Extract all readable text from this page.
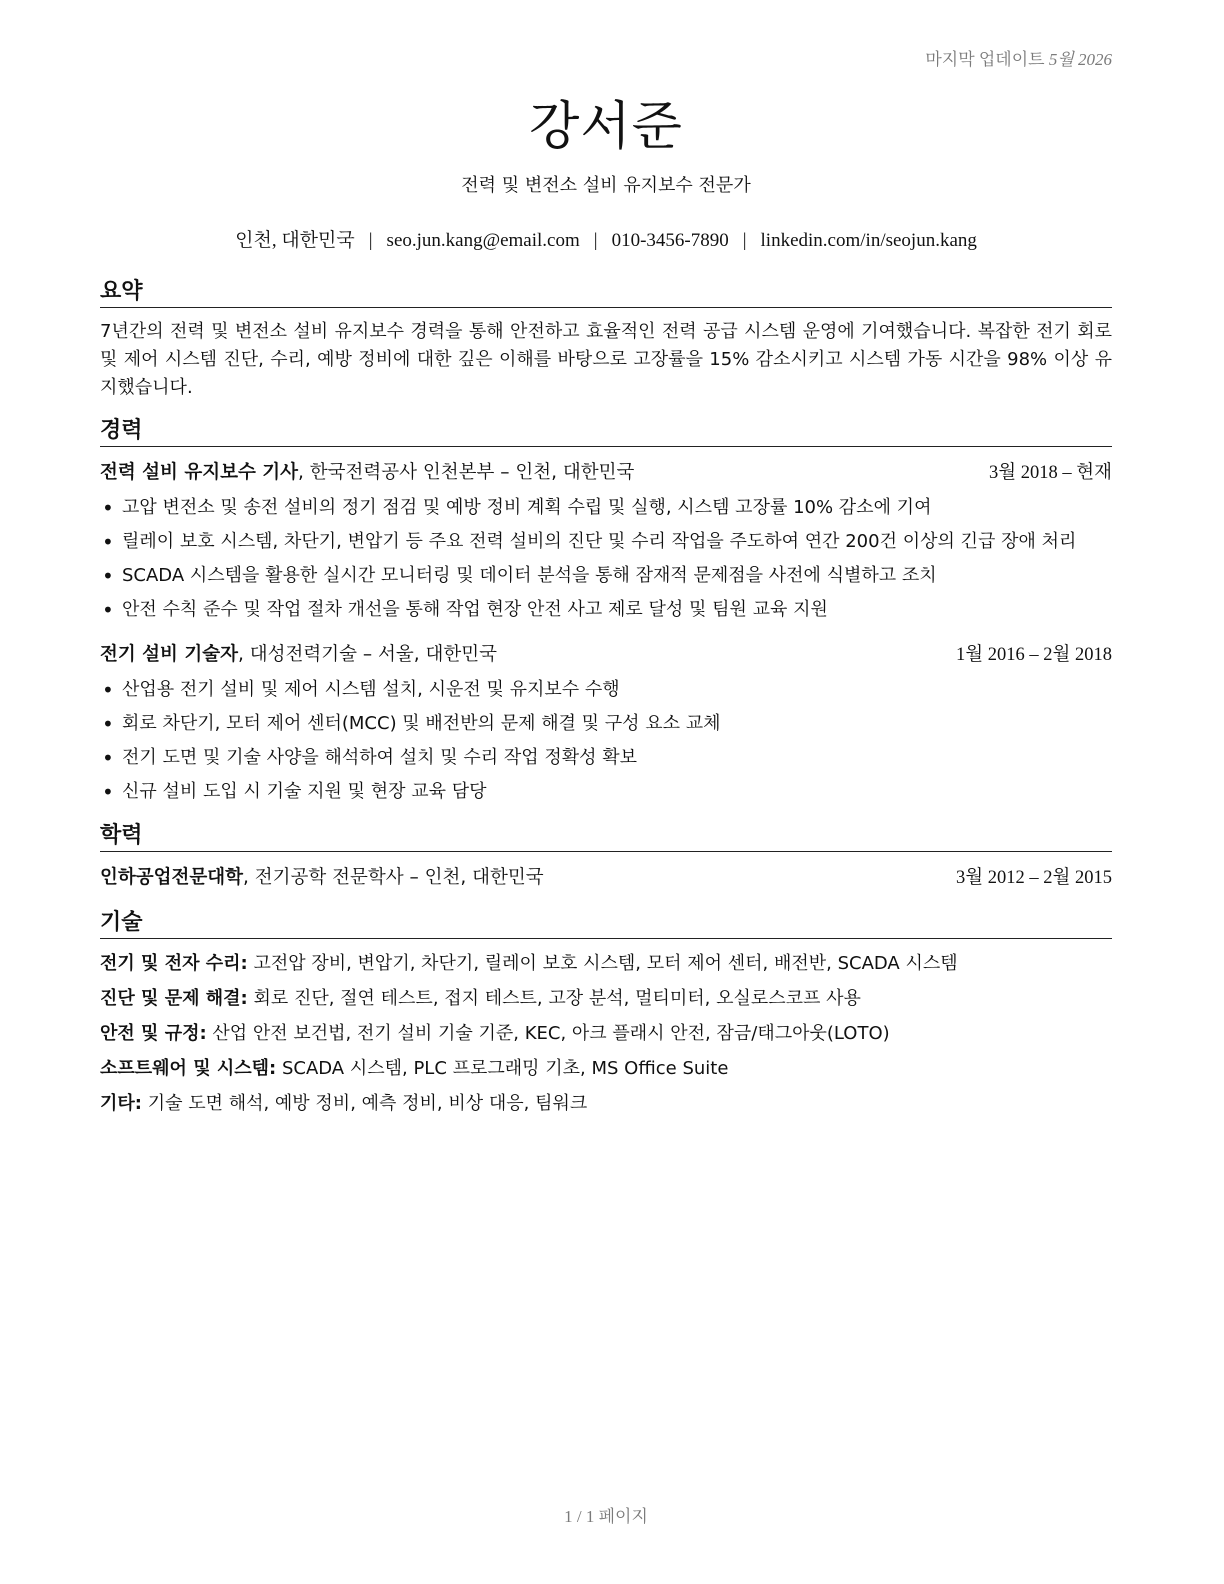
마지막 업데이트 5월 2026
강서준
전력 및 변전소 설비 유지보수 전문가
인천, 대한민국 | seo.jun.kang@email.com | 010-3456-7890 | linkedin.com/in/seojun.kang
요약

7년간의 전력 및 변전소 설비 유지보수 경력을 통해 안전하고 효율적인 전력 공급 시스템 운영에 기여했습니다. 복잡한 전기 회로 및 제어 시스템 진단, 수리, 예방 정비에 대한 깊은 이해를 바탕으로 고장률을 15% 감소시키고 시스템 가동 시간을 98% 이상 유지했습니다.

경력
전력 설비 유지보수 기사, 한국전력공사 인천본부 – 인천, 대한민국	3월 2018 – 현재
• 고압 변전소 및 송전 설비의 정기 점검 및 예방 정비 계획 수립 및 실행, 시스템 고장률 10% 감소에 기여
• 릴레이 보호 시스템, 차단기, 변압기 등 주요 전력 설비의 진단 및 수리 작업을 주도하여 연간 200건 이상의 긴급 장애 처리
• SCADA 시스템을 활용한 실시간 모니터링 및 데이터 분석을 통해 잠재적 문제점을 사전에 식별하고 조치
• 안전 수칙 준수 및 작업 절차 개선을 통해 작업 현장 안전 사고 제로 달성 및 팀원 교육 지원
전기 설비 기술자, 대성전력기술 – 서울, 대한민국	1월 2016 – 2월 2018
• 산업용 전기 설비 및 제어 시스템 설치, 시운전 및 유지보수 수행
• 회로 차단기, 모터 제어 센터(MCC) 및 배전반의 문제 해결 및 구성 요소 교체
• 전기 도면 및 기술 사양을 해석하여 설치 및 수리 작업 정확성 확보
• 신규 설비 도입 시 기술 지원 및 현장 교육 담당
학력
인하공업전문대학, 전기공학 전문학사 – 인천, 대한민국	3월 2012 – 2월 2015
기술
전기 및 전자 수리: 고전압 장비, 변압기, 차단기, 릴레이 보호 시스템, 모터 제어 센터, 배전반, SCADA 시스템
진단 및 문제 해결: 회로 진단, 절연 테스트, 접지 테스트, 고장 분석, 멀티미터, 오실로스코프 사용
안전 및 규정: 산업 안전 보건법, 전기 설비 기술 기준, KEC, 아크 플래시 안전, 잠금/태그아웃(LOTO)
소프트웨어 및 시스템: SCADA 시스템, PLC 프로그래밍 기초, MS Office Suite
기타: 기술 도면 해석, 예방 정비, 예측 정비, 비상 대응, 팀워크
1 / 1 페이지
